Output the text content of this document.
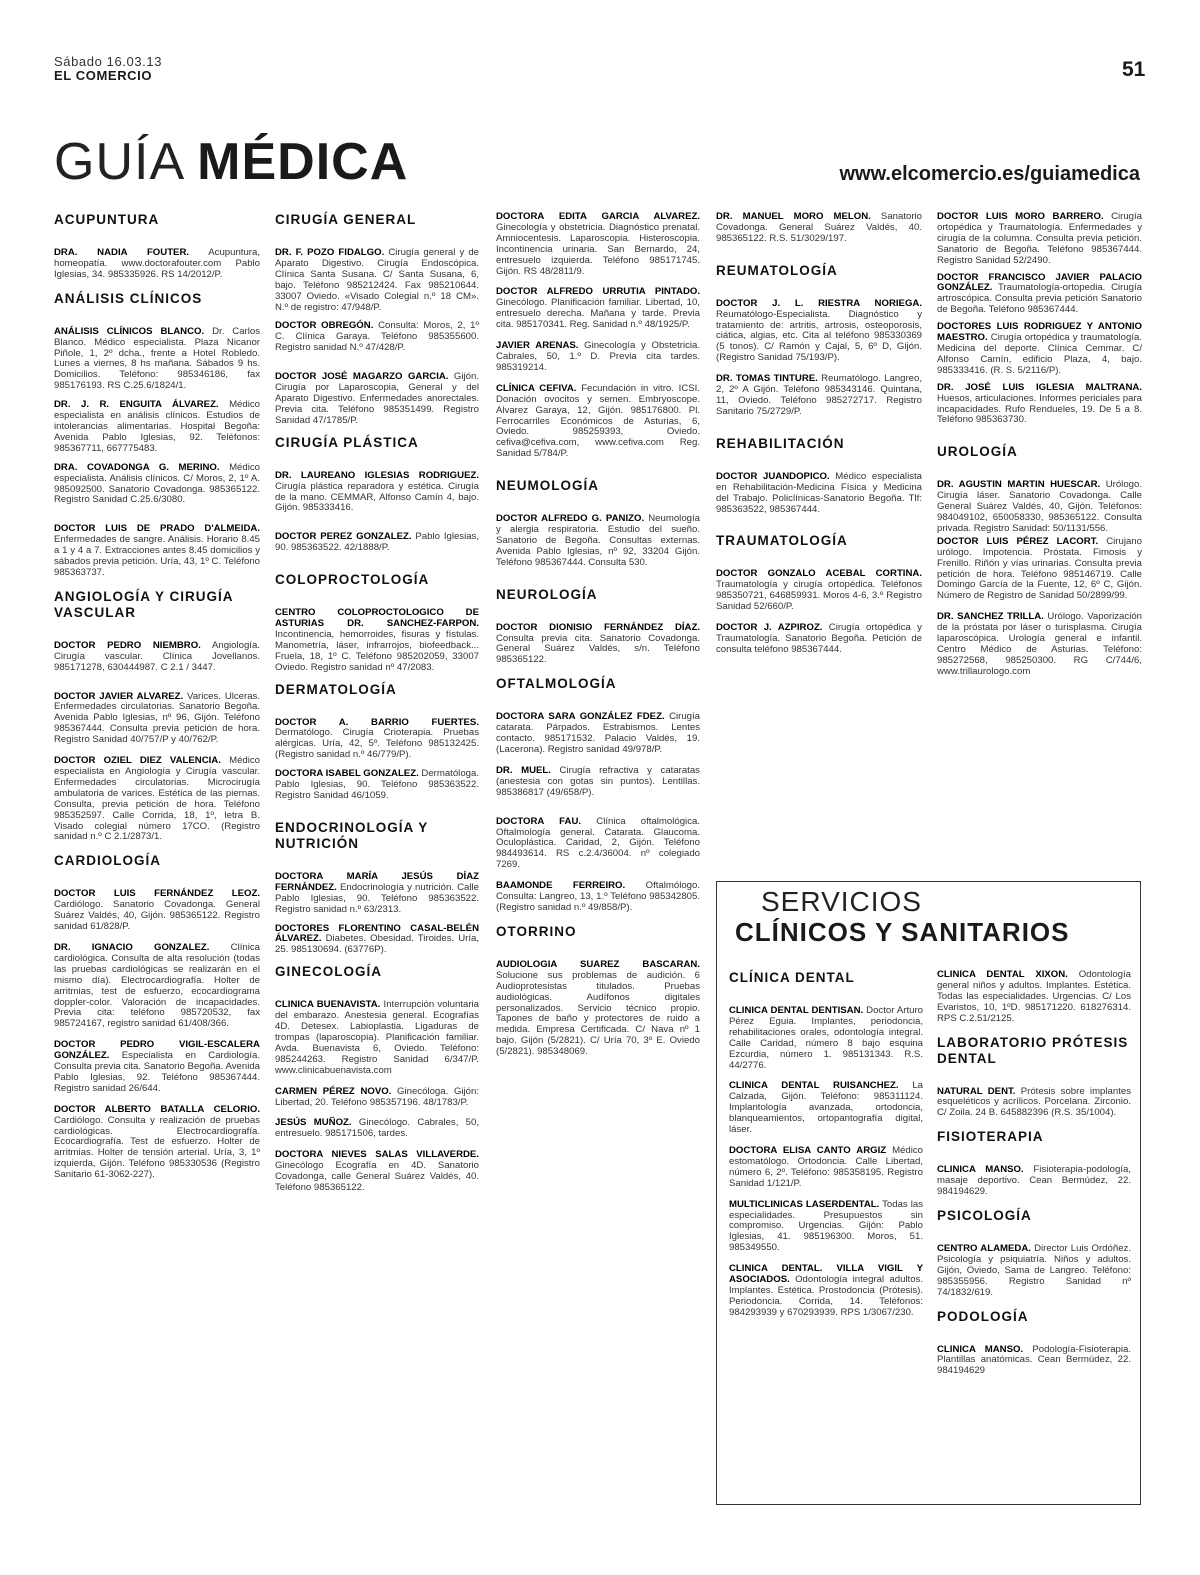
Sábado 16.03.13
EL COMERCIO	51
GUÍA MÉDICA	www.elcomercio.es/guiamedica
ACUPUNTURA
DRA. NADIA FOUTER. Acupuntura, homeopatía. www.doctorafouter.com Pablo Iglesias, 34. 985335926. RS 14/2012/P.
ANÁLISIS CLÍNICOS
ANÁLISIS CLÍNICOS BLANCO. Dr. Carlos Blanco. Médico especialista. Plaza Nicanor Piñole, 1, 2º dcha., frente a Hotel Robledo. Lunes a viernes, 8 hs mañana. Sábados 9 hs. Domicilios. Teléfono: 985346186, fax 985176193. RS C.25.6/1824/1.
DR. J. R. ENGUITA ÁLVAREZ. Médico especialista en análisis clínicos. Estudios de intolerancias alimentarias. Hospital Begoña: Avenida Pablo Iglesias, 92. Teléfonos: 985367711, 667775483.
DRA. COVADONGA G. MERINO. Médico especialista. Análisis clínicos. C/ Moros, 2, 1º A. 985092500. Sanatorio Covadonga. 985365122. Registro Sanidad C.25.6/3080.
DOCTOR LUIS DE PRADO D'ALMEIDA. Enfermedades de sangre. Análisis. Horario 8.45 a 1 y 4 a 7. Extracciones antes 8.45 domicilios y sábados previa petición. Uría, 43, 1º C. Teléfono 985363737.
ANGIOLOGÍA Y CIRUGÍA VASCULAR
DOCTOR PEDRO NIEMBRO. Angiología. Cirugía vascular. Clínica Jovellanos. 985171278, 630444987. C 2.1 / 3447.
DOCTOR JAVIER ALVAREZ. Varices. Ulceras. Enfermedades circulatorias. Sanatorio Begoña. Avenida Pablo Iglesias, nº 96, Gijón. Teléfono 985367444. Consulta previa petición de hora. Registro Sanidad 40/757/P y 40/762/P.
DOCTOR OZIEL DIEZ VALENCIA. Médico especialista en Angiología y Cirugía vascular. Enfermedades circulatorias. Microcirugía ambulatoria de varices. Estética de las piernas. Consulta, previa petición de hora. Teléfono 985352597. Calle Corrida, 18, 1º, letra B. Visado colegial número 17CO. (Registro sanidad n.º C 2.1/2873/1.
CARDIOLOGÍA
DOCTOR LUIS FERNÁNDEZ LEOZ. Cardiólogo. Sanatorio Covadonga. General Suárez Valdés, 40, Gijón. 985365122. Registro sanidad 61/828/P.
DR. IGNACIO GONZALEZ. Clínica cardiológica. Consulta de alta resolución (todas las pruebas cardiológicas se realizarán en el mismo día). Electrocardiografía. Holter de arritmias, test de esfuerzo, ecocardiograma doppler-color. Valoración de incapacidades. Previa cita: teléfono 985720532, fax 985724167, registro sanidad 61/408/366.
DOCTOR PEDRO VIGIL-ESCALERA GONZÁLEZ. Especialista en Cardiología. Consulta previa cita. Sanatorio Begoña. Avenida Pablo Iglesias, 92. Teléfono 985367444. Registro sanidad 26/644.
DOCTOR ALBERTO BATALLA CELORIO. Cardiólogo. Consulta y realización de pruebas cardiológicas. Electrocardiografía. Ecocardiografía. Test de esfuerzo. Holter de arritmias. Holter de tensión arterial. Uría, 3, 1º izquierda, Gijón. Teléfono 985330536 (Registro Sanitario 61-3062-227).
CIRUGÍA GENERAL
DR. F. POZO FIDALGO. Cirugía general y de Aparato Digestivo. Cirugía Endoscópica. Clínica Santa Susana. C/ Santa Susana, 6, bajo. Teléfono 985212424. Fax 985210644. 33007 Oviedo. «Visado Colegial n.º 18 CM». N.º de registro: 47/948/P.
DOCTOR OBREGÓN. Consulta: Moros, 2, 1º C. Clínica Garaya. Teléfono 985355600. Registro sanidad N.º 47/428/P.
DOCTOR JOSÉ MAGARZO GARCIA. Gijón. Cirugía por Laparoscopia, General y del Aparato Digestivo. Enfermedades anorectales. Previa cita. Teléfono 985351499. Registro Sanidad 47/1785/P.
CIRUGÍA PLÁSTICA
DR. LAUREANO IGLESIAS RODRIGUEZ. Cirugía plástica reparadora y estética. Cirugía de la mano. CEMMAR, Alfonso Camín 4, bajo. Gijón. 985333416.
DOCTOR PEREZ GONZALEZ. Pablo Iglesias, 90. 985363522. 42/1888/P.
COLOPROCTOLOGÍA
CENTRO COLOPROCTOLOGICO DE ASTURIAS DR. SANCHEZ-FARPON. Incontinencia, hemorroides, fisuras y fístulas. Manometría, láser, infrarrojos, biofeedback... Fruela, 18, 1º C. Teléfono 985202059, 33007 Oviedo. Registro sanidad nº 47/2083.
DERMATOLOGÍA
DOCTOR A. BARRIO FUERTES. Dermatólogo. Cirugía Crioterapia. Pruebas alérgicas. Uría, 42, 5º. Teléfono 985132425. (Registro sanidad n.º 46/779/P).
DOCTORA ISABEL GONZALEZ. Dermatóloga. Pablo Iglesias, 90. Teléfono 985363522. Registro Sanidad 46/1059.
ENDOCRINOLOGÍA Y NUTRICIÓN
DOCTORA MARÍA JESÚS DÍAZ FERNÁNDEZ. Endocrinología y nutrición. Calle Pablo Iglesias, 90. Teléfono 985363522. Registro sanidad n.º 63/2313.
DOCTORES FLORENTINO CASAL-BELÉN ÁLVAREZ. Diabetes. Obesidad. Tiroides. Uría, 25. 985130694. (63776P).
GINECOLOGÍA
CLINICA BUENAVISTA. Interrupción voluntaria del embarazo. Anestesia general. Ecografías 4D. Detesex. Labioplastia. Ligaduras de trompas (laparoscopia). Planificación familiar. Avda. Buenavista 6, Oviedo. Teléfono: 985244263. Registro Sanidad 6/347/P. www.clinicabuenavista.com
CARMEN PÉREZ NOVO. Ginecóloga. Gijón: Libertad, 20. Teléfono 985357196. 48/1783/P.
JESÚS MUÑOZ. Ginecólogo. Cabrales, 50, entresuelo. 985171506, tardes.
DOCTORA NIEVES SALAS VILLAVERDE. Ginecólogo Ecografía en 4D. Sanatorio Covadonga, calle General Suárez Valdés, 40. Teléfono 985365122.
DOCTORA EDITA GARCIA ALVAREZ. Ginecología y obstetricia. Diagnóstico prenatal. Amniocentesis. Laparoscopia. Histeroscopia. Incontinencia urinaria. San Bernardo, 24, entresuelo izquierda. Teléfono 985171745. Gijón. RS 48/2811/9.
DOCTOR ALFREDO URRUTIA PINTADO. Ginecólogo. Planificación familiar. Libertad, 10, entresuelo derecha. Mañana y tarde. Previa cita. 985170341. Reg. Sanidad n.º 48/1925/P.
JAVIER ARENAS. Ginecología y Obstetricia. Cabrales, 50, 1.º D. Previa cita tardes. 985319214.
CLÍNICA CEFIVA. Fecundación in vitro. ICSI. Donación ovocitos y semen. Embryoscope. Alvarez Garaya, 12, Gijón. 985176800. Pl. Ferrocarriles Económicos de Asturias, 6, Oviedo. 985259393, Oviedo. cefiva@cefiva.com, www.cefiva.com Reg. Sanidad 5/784/P.
NEUMOLOGÍA
DOCTOR ALFREDO G. PANIZO. Neumología y alergia respiratoria. Estudio del sueño. Sanatorio de Begoña. Consultas externas. Avenida Pablo Iglesias, nº 92, 33204 Gijón. Teléfono 985367444. Consulta 530.
NEUROLOGÍA
DOCTOR DIONISIO FERNÁNDEZ DÍAZ. Consulta previa cita. Sanatorio Covadonga. General Suárez Valdés, s/n. Teléfono 985365122.
OFTALMOLOGÍA
DOCTORA SARA GONZÁLEZ FDEZ. Cirugía catarata. Párpados. Estrabismos. Lentes contacto. 985171532. Palacio Valdés, 19. (Lacerona). Registro sanidad 49/978/P.
DR. MUEL. Cirugía refractiva y cataratas (anestesia con gotas sin puntos). Lentillas. 985386817 (49/658/P).
DOCTORA FAU. Clínica oftalmológica. Oftalmología general. Catarata. Glaucoma. Oculoplástica. Caridad, 2, Gijón. Teléfono 984493614. RS c.2.4/36004. nº colegiado 7269.
BAAMONDE FERREIRO. Oftalmólogo. Consulta: Langreo, 13, 1.º Teléfono 985342805. (Registro sanidad n.º 49/858/P).
OTORRINO
AUDIOLOGIA SUAREZ BASCARAN. Solucione sus problemas de audición. 6 Audioprotesistas titulados. Pruebas audiológicas. Audífonos digitales personalizados. Servicio técnico propio. Tapones de baño y protectores de ruido a medida. Empresa Certificada. C/ Nava nº 1 bajo. Gijón (5/2821). C/ Uría 70, 3º E. Oviedo (5/2821). 985348069.
DR. MANUEL MORO MELON. Sanatorio Covadonga. General Suárez Valdés, 40. 985365122. R.S. 51/3029/197.
REUMATOLOGÍA
DOCTOR J. L. RIESTRA NORIEGA. Reumatólogo-Especialista. Diagnóstico y tratamiento de: artritis, artrosis, osteoporosis, ciática, algias, etc. Cita al teléfono 985330369 (5 tonos). C/ Ramón y Cajal, 5, 6º D, Gijón. (Registro Sanidad 75/193/P).
DR. TOMAS TINTURE. Reumatólogo. Langreo, 2, 2º A Gijón. Teléfono 985343146. Quintana, 11, Oviedo. Teléfono 985272717. Registro Sanitario 75/2729/P.
REHABILITACIÓN
DOCTOR JUANDOPICO. Médico especialista en Rehabilitación-Medicina Física y Medicina del Trabajo. Policlínicas-Sanatorio Begoña. Tlf: 985363522, 985367444.
TRAUMATOLOGÍA
DOCTOR GONZALO ACEBAL CORTINA. Traumatología y cirugía ortopédica. Teléfonos 985350721, 646859931. Moros 4-6, 3.º Registro Sanidad 52/660/P.
DOCTOR J. AZPIROZ. Cirugía ortopédica y Traumatología. Sanatorio Begoña. Petición de consulta teléfono 985367444.
DOCTOR LUIS MORO BARRERO. Cirugía ortopédica y Traumatología. Enfermedades y cirugía de la columna. Consulta previa petición. Sanatorio de Begoña. Teléfono 985367444. Registro Sanidad 52/2490.
DOCTOR FRANCISCO JAVIER PALACIO GONZÁLEZ. Traumatología-ortopedia. Cirugía artroscópica. Consulta previa petición Sanatorio de Begoña. Teléfono 985367444.
DOCTORES LUIS RODRIGUEZ Y ANTONIO MAESTRO. Cirugía ortopédica y traumatología. Medicina del deporte. Clínica Cemmar. C/ Alfonso Camín, edificio Plaza, 4, bajo. 985333416. (R. S. 5/2116/P).
DR. JOSÉ LUIS IGLESIA MALTRANA. Huesos, articulaciones. Informes periciales para incapacidades. Rufo Rendueles, 19. De 5 a 8. Teléfono 985363730.
UROLOGÍA
DR. AGUSTIN MARTIN HUESCAR. Urólogo. Cirugía láser. Sanatorio Covadonga. Calle General Suárez Valdés, 40, Gijón. Teléfonos: 984049102, 650058330, 985365122. Consulta privada. Registro Sanidad: 50/1131/556.
DOCTOR LUIS PÉREZ LACORT. Cirujano urólogo. Impotencia. Próstata. Fimosis y Frenillo. Riñón y vías urinarias. Consulta previa petición de hora. Teléfono 985146719. Calle Domingo García de la Fuente, 12, 6º C, Gijón. Número de Registro de Sanidad 50/2899/99.
DR. SANCHEZ TRILLA. Urólogo. Vaporización de la próstata por láser o turisplasma. Cirugía laparoscópica. Urología general e infantil. Centro Médico de Asturias. Teléfono: 985272568, 985250300. RG C/744/6, www.trillaurologo.com
SERVICIOS
CLÍNICOS Y SANITARIOS
CLÍNICA DENTAL
CLINICA DENTAL DENTISAN. Doctor Arturo Pérez Eguia. Implantes, periodoncia, rehabilitaciones orales, odontología integral. Calle Caridad, número 8 bajo esquina Ezcurdia, número 1. 985131343. R.S. 44/2776.
CLINICA DENTAL RUISANCHEZ. La Calzada, Gijón. Teléfono: 985311124. Implantología avanzada, ortodoncia, blanqueamientos, ortopantografía digital, láser.
DOCTORA ELISA CANTO ARGIZ Médico estomatólogo. Ortodoncia. Calle Libertad, número 6, 2º. Teléfono: 985358195. Registro Sanidad 1/121/P.
MULTICLINICAS LASERDENTAL. Todas las especialidades. Presupuestos sin compromiso. Urgencias. Gijón: Pablo Iglesias, 41. 985196300. Moros, 51. 985349550.
CLINICA DENTAL. VILLA VIGIL Y ASOCIADOS. Odontología integral adultos. Implantes. Estética. Prostodoncia (Prótesis). Periodoncia. Corrida, 14. Teléfonos: 984293939 y 670293939. RPS 1/3067/230.
CLINICA DENTAL XIXON. Odontología general niños y adultos. Implantes. Estética. Todas las especialidades. Urgencias. C/ Los Evaristos, 10, 1ºD. 985171220. 618276314. RPS C.2.51/2125.
LABORATORIO PRÓTESIS DENTAL
NATURAL DENT. Prótesis sobre implantes esqueléticos y acrílicos. Porcelana. Zirconio. C/ Zoila. 24 B. 645882396 (R.S. 35/1004).
FISIOTERAPIA
CLINICA MANSO. Fisioterapia-podología, masaje deportivo. Cean Bermúdez, 22. 984194629.
PSICOLOGÍA
CENTRO ALAMEDA. Director Luis Ordóñez. Psicología y psiquiatría. Niños y adultos. Gijón, Oviedo, Sama de Langreo. Teléfono: 985355956. Registro Sanidad nº 74/1832/619.
PODOLOGÍA
CLINICA MANSO. Podología-Fisioterapia. Plantillas anatómicas. Cean Bermúdez, 22. 984194629
